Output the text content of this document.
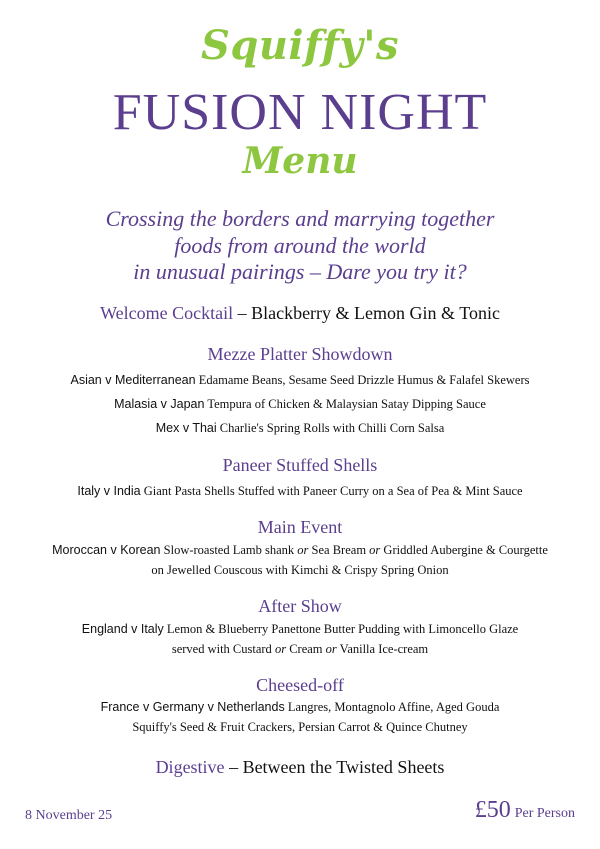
Squiffy's
FUSION NIGHT
Menu
Crossing the borders and marrying together
foods from around the world
in unusual pairings – Dare you try it?
Welcome Cocktail – Blackberry & Lemon Gin & Tonic
Mezze Platter Showdown
Asian v Mediterranean Edamame Beans, Sesame Seed Drizzle Humus & Falafel Skewers
Malasia v Japan Tempura of Chicken & Malaysian Satay Dipping Sauce
Mex v Thai Charlie's Spring Rolls with Chilli Corn Salsa
Paneer Stuffed Shells
Italy v India Giant Pasta Shells Stuffed with Paneer Curry on a Sea of Pea & Mint Sauce
Main Event
Moroccan v Korean Slow-roasted Lamb shank or Sea Bream or Griddled Aubergine & Courgette
on Jewelled Couscous with Kimchi & Crispy Spring Onion
After Show
England v Italy Lemon & Blueberry Panettone Butter Pudding with Limoncello Glaze
served with Custard or Cream or Vanilla Ice-cream
Cheesed-off
France v Germany v Netherlands Langres, Montagnolo Affine, Aged Gouda
Squiffy's Seed & Fruit Crackers, Persian Carrot & Quince Chutney
Digestive – Between the Twisted Sheets
8 November 25	£50 Per Person
